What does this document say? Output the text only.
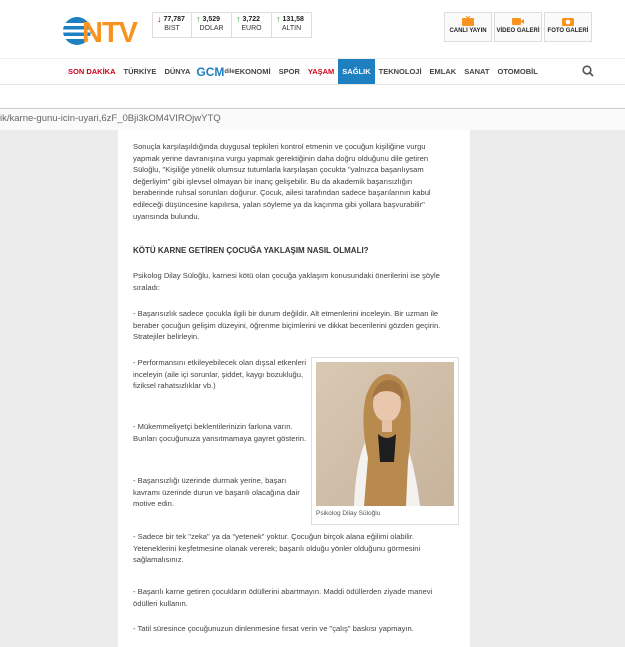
NTV ↓ 77,787
BIST
↑ 3,529
DOLAR
↑ 3,722
EURO
↑ 131,58
ALTIN	CANLI YAYIN	VİDEO GALERİ	FOTO GALERİ
SON DAKİKA	TÜRKİYE	DÜNYA GCM dile EKONOMİ	SPOR	YAŞAM	SAĞLIK	TEKNOLOJİ	EMLAK	SANAT	OTOMOBİL
ik/karne-gunu-icin-uyari,6zF_0Bji3kOM4VIROjwYTQ

Sonuçla karşılaşıldığında duygusal tepkileri kontrol etmenin ve çocuğun kişiliğine vurgu yapmak yerine davranışına vurgu yapmak gerektiğinin daha doğru olduğunu dile getiren Süloğlu, "Kişiliğe yönelik olumsuz tutumlarla karşılaşan çocukta "yalnızca başarılıysam değerliyim" gibi işlevsel olmayan bir inanç gelişebilir. Bu da akademik başarısızlığın beraberinde ruhsal sorunları doğurur. Çocuk, ailesi tarafından sadece başarılarının kabul edileceği düşüncesine kapılırsa, yalan söyleme ya da kaçınma gibi yollara başvurabilir" uyarısında bulundu.

KÖTÜ KARNE GETİREN ÇOCUĞA YAKLAŞIM NASIL OLMALI?

Psikolog Dilay Süloğlu, karnesi kötü olan çocuğa yaklaşım konusundaki önerilerini ise şöyle sıraladı:

- Başarısızlık sadece çocukla ilgili bir durum değildir. Alt etmenlerini inceleyin. Bir uzman ile beraber çocuğun gelişim düzeyini, öğrenme biçimlerini ve dikkat becerilerini gözden geçirin. Stratejiler belirleyin.

- Performansını etkileyebilecek olan dışsal etkenleri inceleyin (aile içi sorunlar, şiddet, kaygı bozukluğu, fiziksel rahatsızlıklar vb.)

- Mükemmeliyetçi beklentilerinizin farkına varın. Bunları çocuğunuza yansıtmamaya gayret gösterin.

- Başarısızlığı üzerinde durmak yerine, başarı kavramı üzerinde durun ve başarılı olacağına dair motive edin.

- Sadece bir tek "zeka" ya da "yetenek" yoktur. Çocuğun birçok alana eğilimi olabilir. Yeteneklerini keşfetmesine olanak vererek; başarılı olduğu yönler olduğunu görmesini sağlamalısınız.

- Başarılı karne getiren çocukların ödüllerini abartmayın. Maddi ödüllerden ziyade manevi ödülleri kullanın.

- Tatil süresince çocuğunuzun dinlenmesine fırsat verin ve "çalış" baskısı yapmayın.

Psikolog Dilay Süloğlu
